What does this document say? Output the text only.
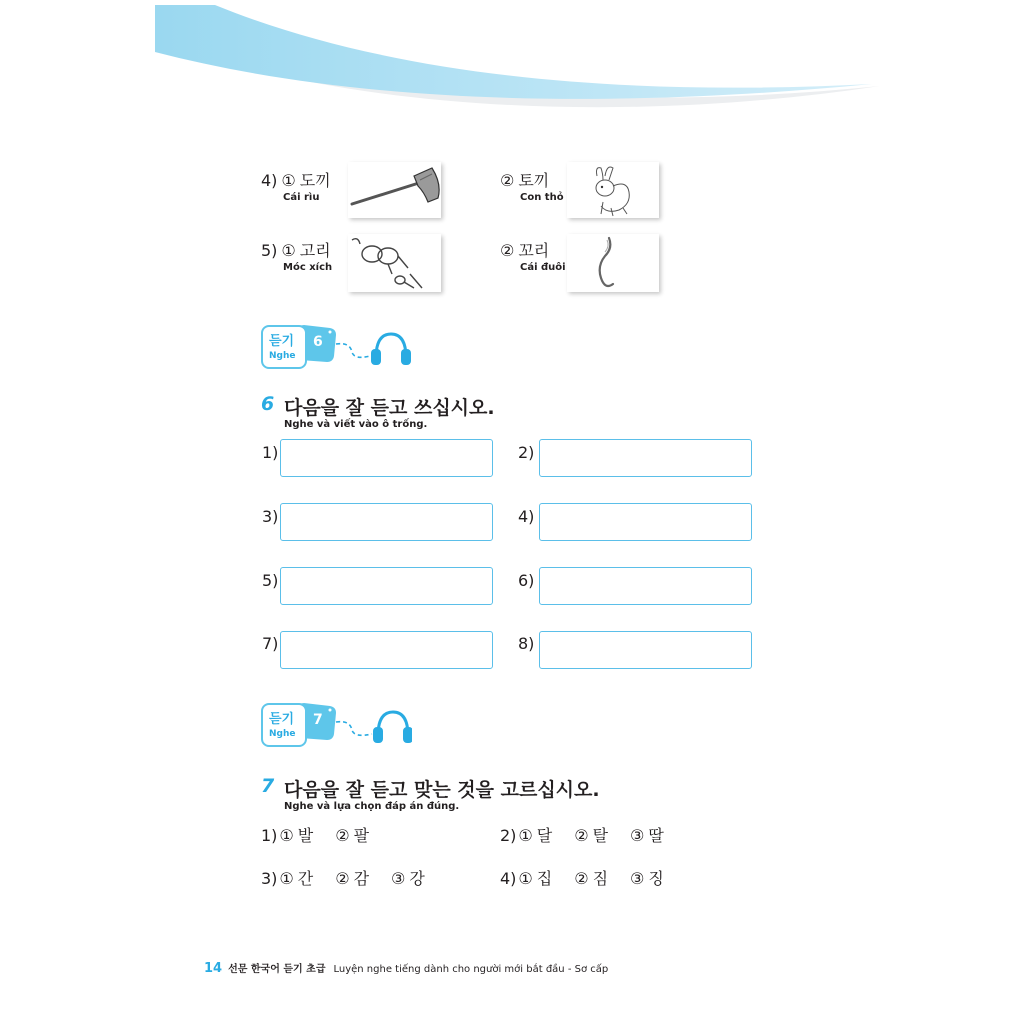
4) ① 도끼
Cái rìu
② 토끼
Con thỏ
5) ① 고리
Móc xích
② 꼬리
Cái đuôi
듣기
Nghe
6
6 다음을 잘 듣고 쓰십시오.
Nghe và viết vào ô trống.
1)	2)
3)	4)
5)	6)
7)	8)
듣기
Nghe
7
7 다음을 잘 듣고 맞는 것을 고르십시오.
Nghe và lựa chọn đáp án đúng.
1) ① 발 ② 팔	2) ① 달 ② 탈 ③ 딸
3) ① 간 ② 감 ③ 강	4) ① 집 ② 짐 ③ 징
14 선문 한국어 듣기 초급 Luyện nghe tiếng dành cho người mới bắt đầu - Sơ cấp
